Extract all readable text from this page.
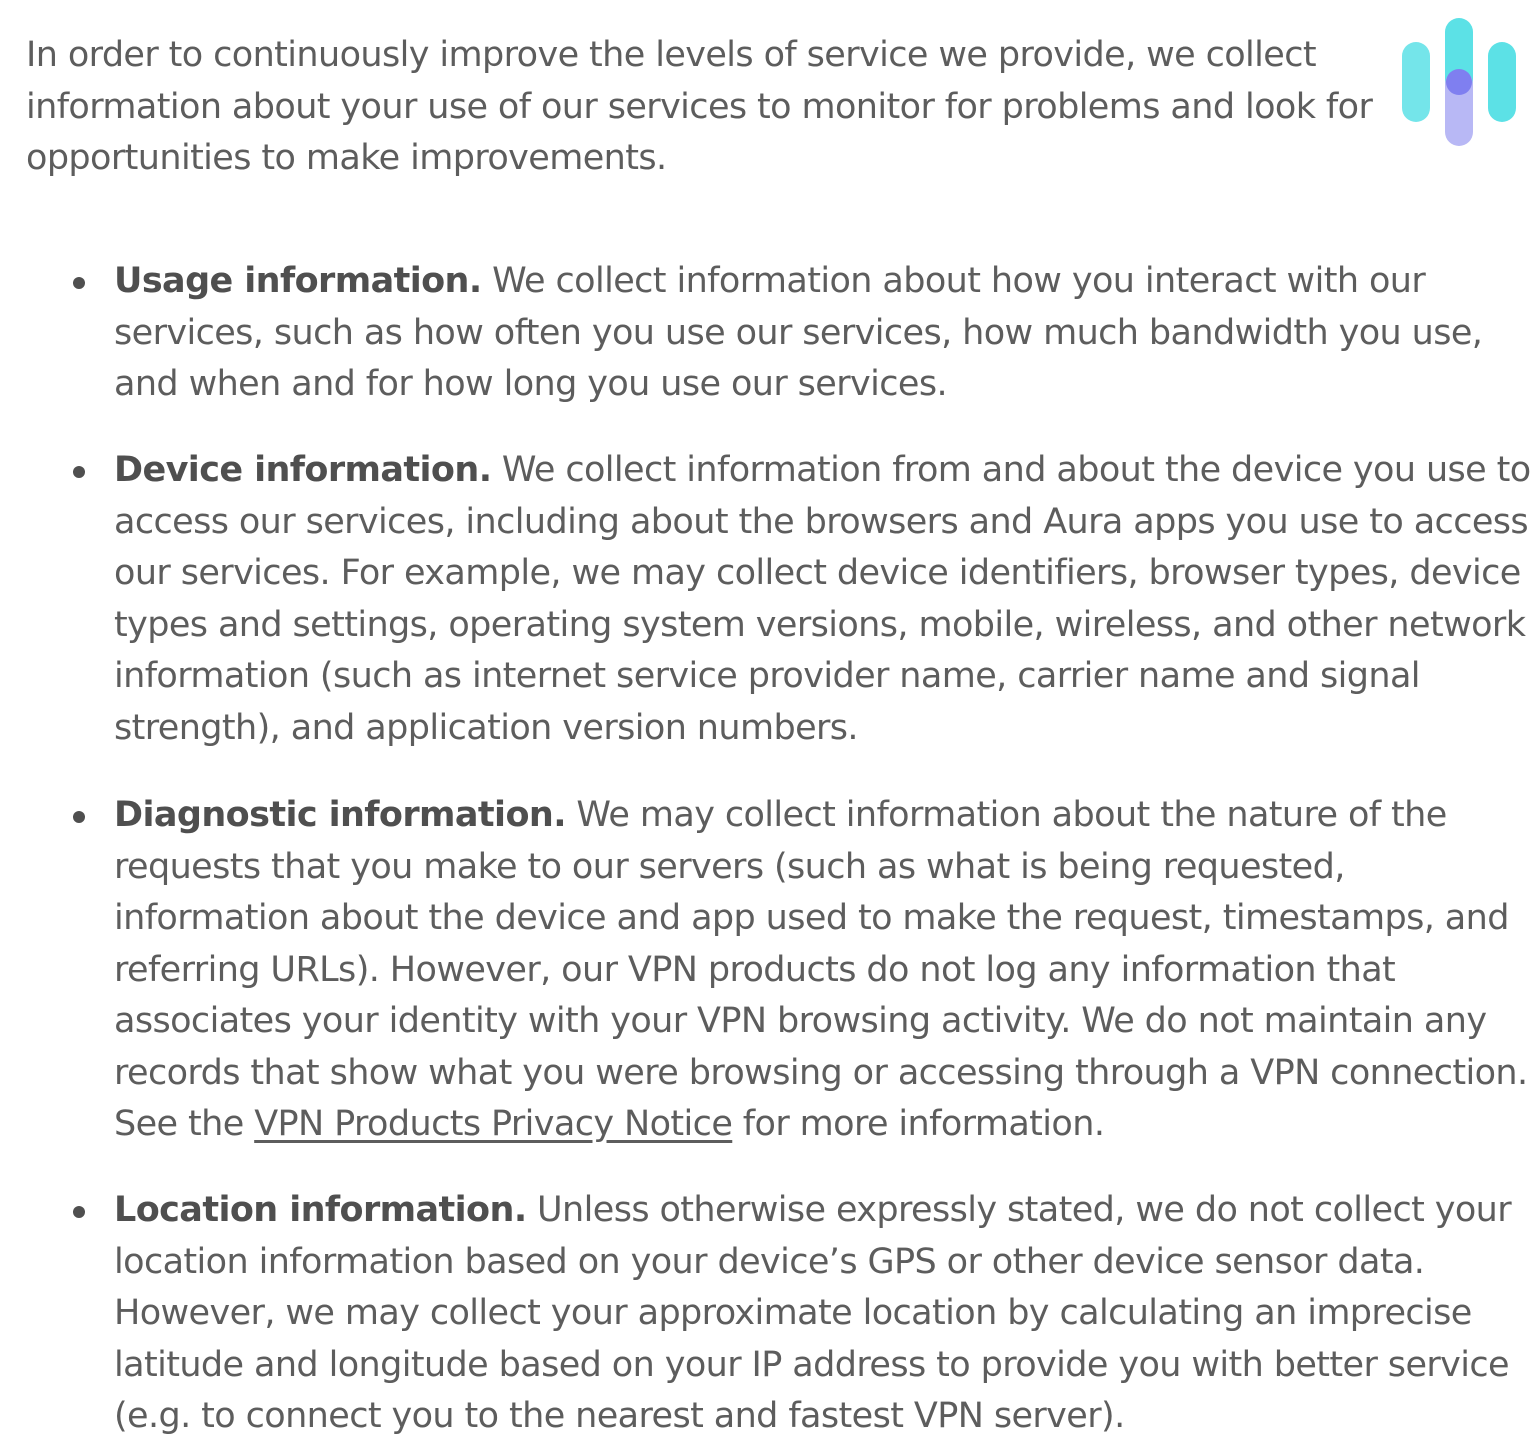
In order to continuously improve the levels of service we provide, we collect information about your use of our services to monitor for problems and look for opportunities to make improvements.

Usage information. We collect information about how you interact with our services, such as how often you use our services, how much bandwidth you use, and when and for how long you use our services.

Device information. We collect information from and about the device you use to access our services, including about the browsers and Aura apps you use to access our services. For example, we may collect device identifiers, browser types, device types and settings, operating system versions, mobile, wireless, and other network information (such as internet service provider name, carrier name and signal strength), and application version numbers.

Diagnostic information. We may collect information about the nature of the requests that you make to our servers (such as what is being requested, information about the device and app used to make the request, timestamps, and referring URLs). However, our VPN products do not log any information that associates your identity with your VPN browsing activity. We do not maintain any records that show what you were browsing or accessing through a VPN connection. See the VPN Products Privacy Notice for more information.

Location information. Unless otherwise expressly stated, we do not collect your location information based on your device’s GPS or other device sensor data. However, we may collect your approximate location by calculating an imprecise latitude and longitude based on your IP address to provide you with better service (e.g. to connect you to the nearest and fastest VPN server).
